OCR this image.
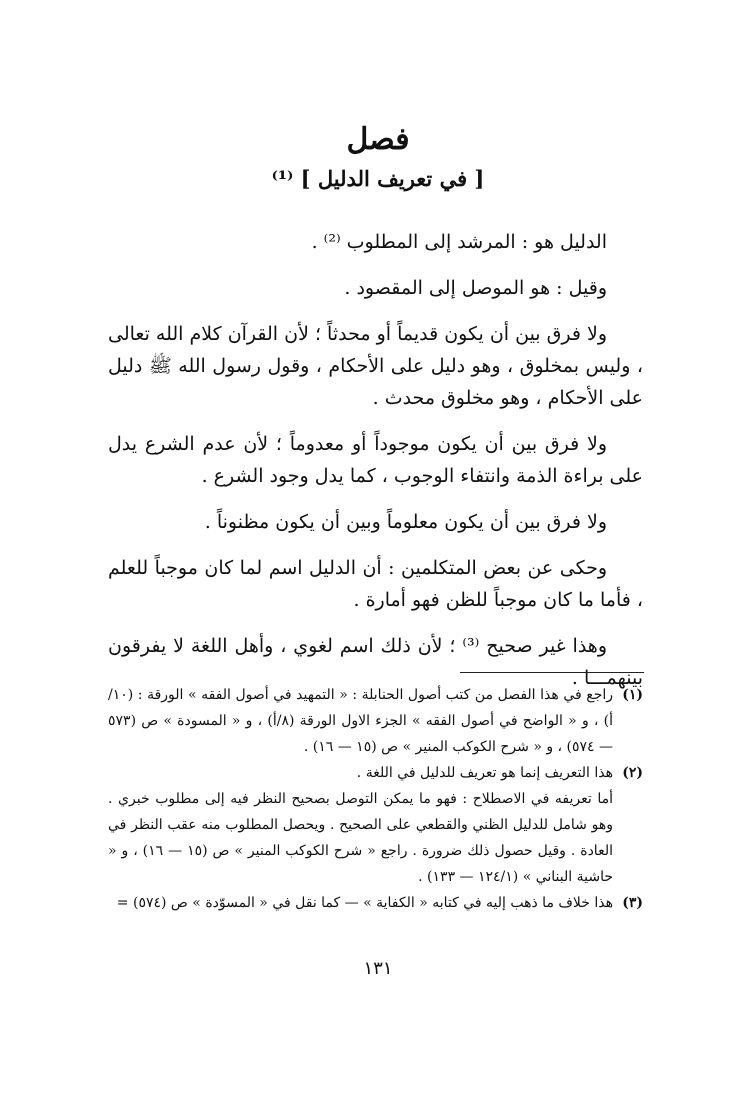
فصل
[ في تعريف الدليل ] ⁽¹⁾

الدليل هو : المرشد إلى المطلوب ⁽²⁾ .

وقيل : هو الموصل إلى المقصود .

ولا فرق بين أن يكون قديماً أو محدثاً ؛ لأن القرآن كلام الله تعالى ، وليس بمخلوق ، وهو دليل على الأحكام ، وقول رسول الله ﷺ دليل على الأحكام ، وهو مخلوق محدث .

ولا فرق بين أن يكون موجوداً أو معدوماً ؛ لأن عدم الشرع يدل على براءة الذمة وانتفاء الوجوب ، كما يدل وجود الشرع .

ولا فرق بين أن يكون معلوماً وبين أن يكون مظنوناً .

وحكى عن بعض المتكلمين : أن الدليل اسم لما كان موجباً للعلم ، فأما ما كان موجباً للظن فهو أمارة .

وهذا غير صحيح ⁽³⁾ ؛ لأن ذلك اسم لغوي ، وأهل اللغة لا يفرقون بينهمـــا .

(١)
راجع في هذا الفصل من كتب أصول الحنابلة : « التمهيد في أصول الفقه » الورقة : (١٠/أ) ، و « الواضح في أصول الفقه » الجزء الاول الورقة (٨/أ) ، و « المسودة » ص (٥٧٣ — ٥٧٤) ، و « شرح الكوكب المنير » ص (١٥ — ١٦) .
(٢)
هذا التعريف إنما هو تعريف للدليل في اللغة .
أما تعريفه في الاصطلاح : فهو ما يمكن التوصل بصحيح النظر فيه إلى مطلوب خبري . وهو شامل للدليل الظني والقطعي على الصحيح . ويحصل المطلوب منه عقب النظر في العادة . وقيل حصول ذلك ضرورة . راجع « شرح الكوكب المنير » ص (١٥ — ١٦) ، و « حاشية البناني » (١٢٤/١ — ١٣٣) .
(٣)
هذا خلاف ما ذهب إليه في كتابه « الكفاية » — كما نقل في « المسوّدة » ص (٥٧٤) =
١٣١
